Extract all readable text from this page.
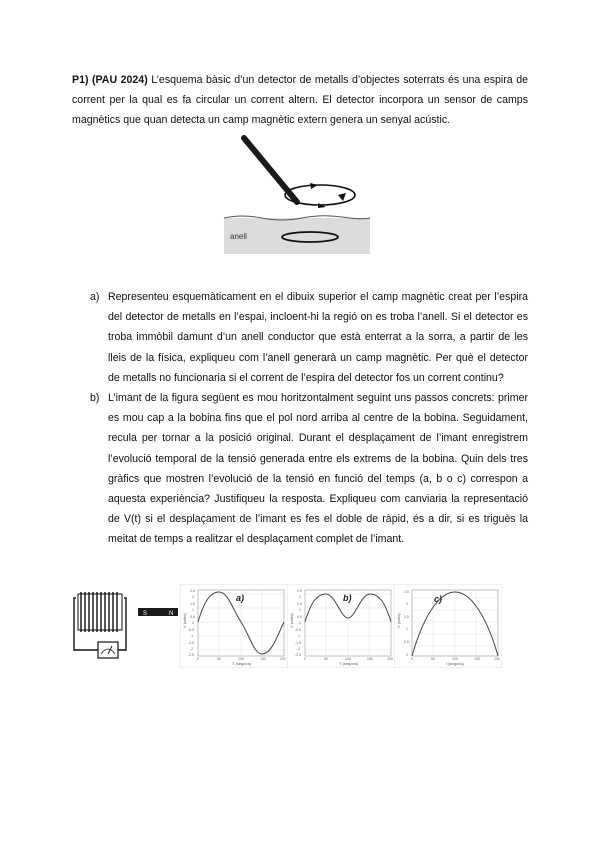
P1) (PAU 2024) L’esquema bàsic d’un detector de metalls d’objectes soterrats és una espira de corrent per la qual es fa circular un corrent altern. El detector incorpora un sensor de camps magnètics que quan detecta un camp magnètic extern genera un senyal acústic.
anell
a) Representeu esquemàticament en el dibuix superior el camp magnètic creat per l’espira del detector de metalls en l’espai, incloent-hi la regió on es troba l’anell. Si el detector es troba immòbil damunt d’un anell conductor que està enterrat a la sorra, a partir de les lleis de la física, expliqueu com l’anell generarà un camp magnètic. Per què el detector de metalls no funcionaria si el corrent de l’espira del detector fos un corrent continu?
b) L’imant de la figura següent es mou horitzontalment seguint uns passos concrets: primer es mou cap a la bobina fins que el pol nord arriba al centre de la bobina. Seguidament, recula per tornar a la posició original. Durant el desplaçament de l’imant enregistrem l’evolució temporal de la tensió generada entre els extrems de la bobina. Quin dels tres gràfics que mostren l’evolució de la tensió en funció del temps (a, b o c) correspon a aquesta experiència? Justifiqueu la resposta. Expliqueu com canviaria la representació de V(t) si el desplaçament de l’imant es fes el doble de ràpid, és a dir, si es triguès la meitat de temps a realitzar el desplaçament complet de l’imant.
S	N
a)
T (segons)
V (volts)
0	50	100	150	200
2.5
2
1.5
1
0.5
0
-0.5
-1
-1.5
-2
-2.5
b)
T (segons)
V (volts)
0	50	100	150	200
2.5
2
1.5
1
0.5
0
-0.5
-1
-1.5
-2
-2.5
c)
t (segons)
V (volts)
0	50	100	150	200
2.5
2
1.5
1
0.5
0
